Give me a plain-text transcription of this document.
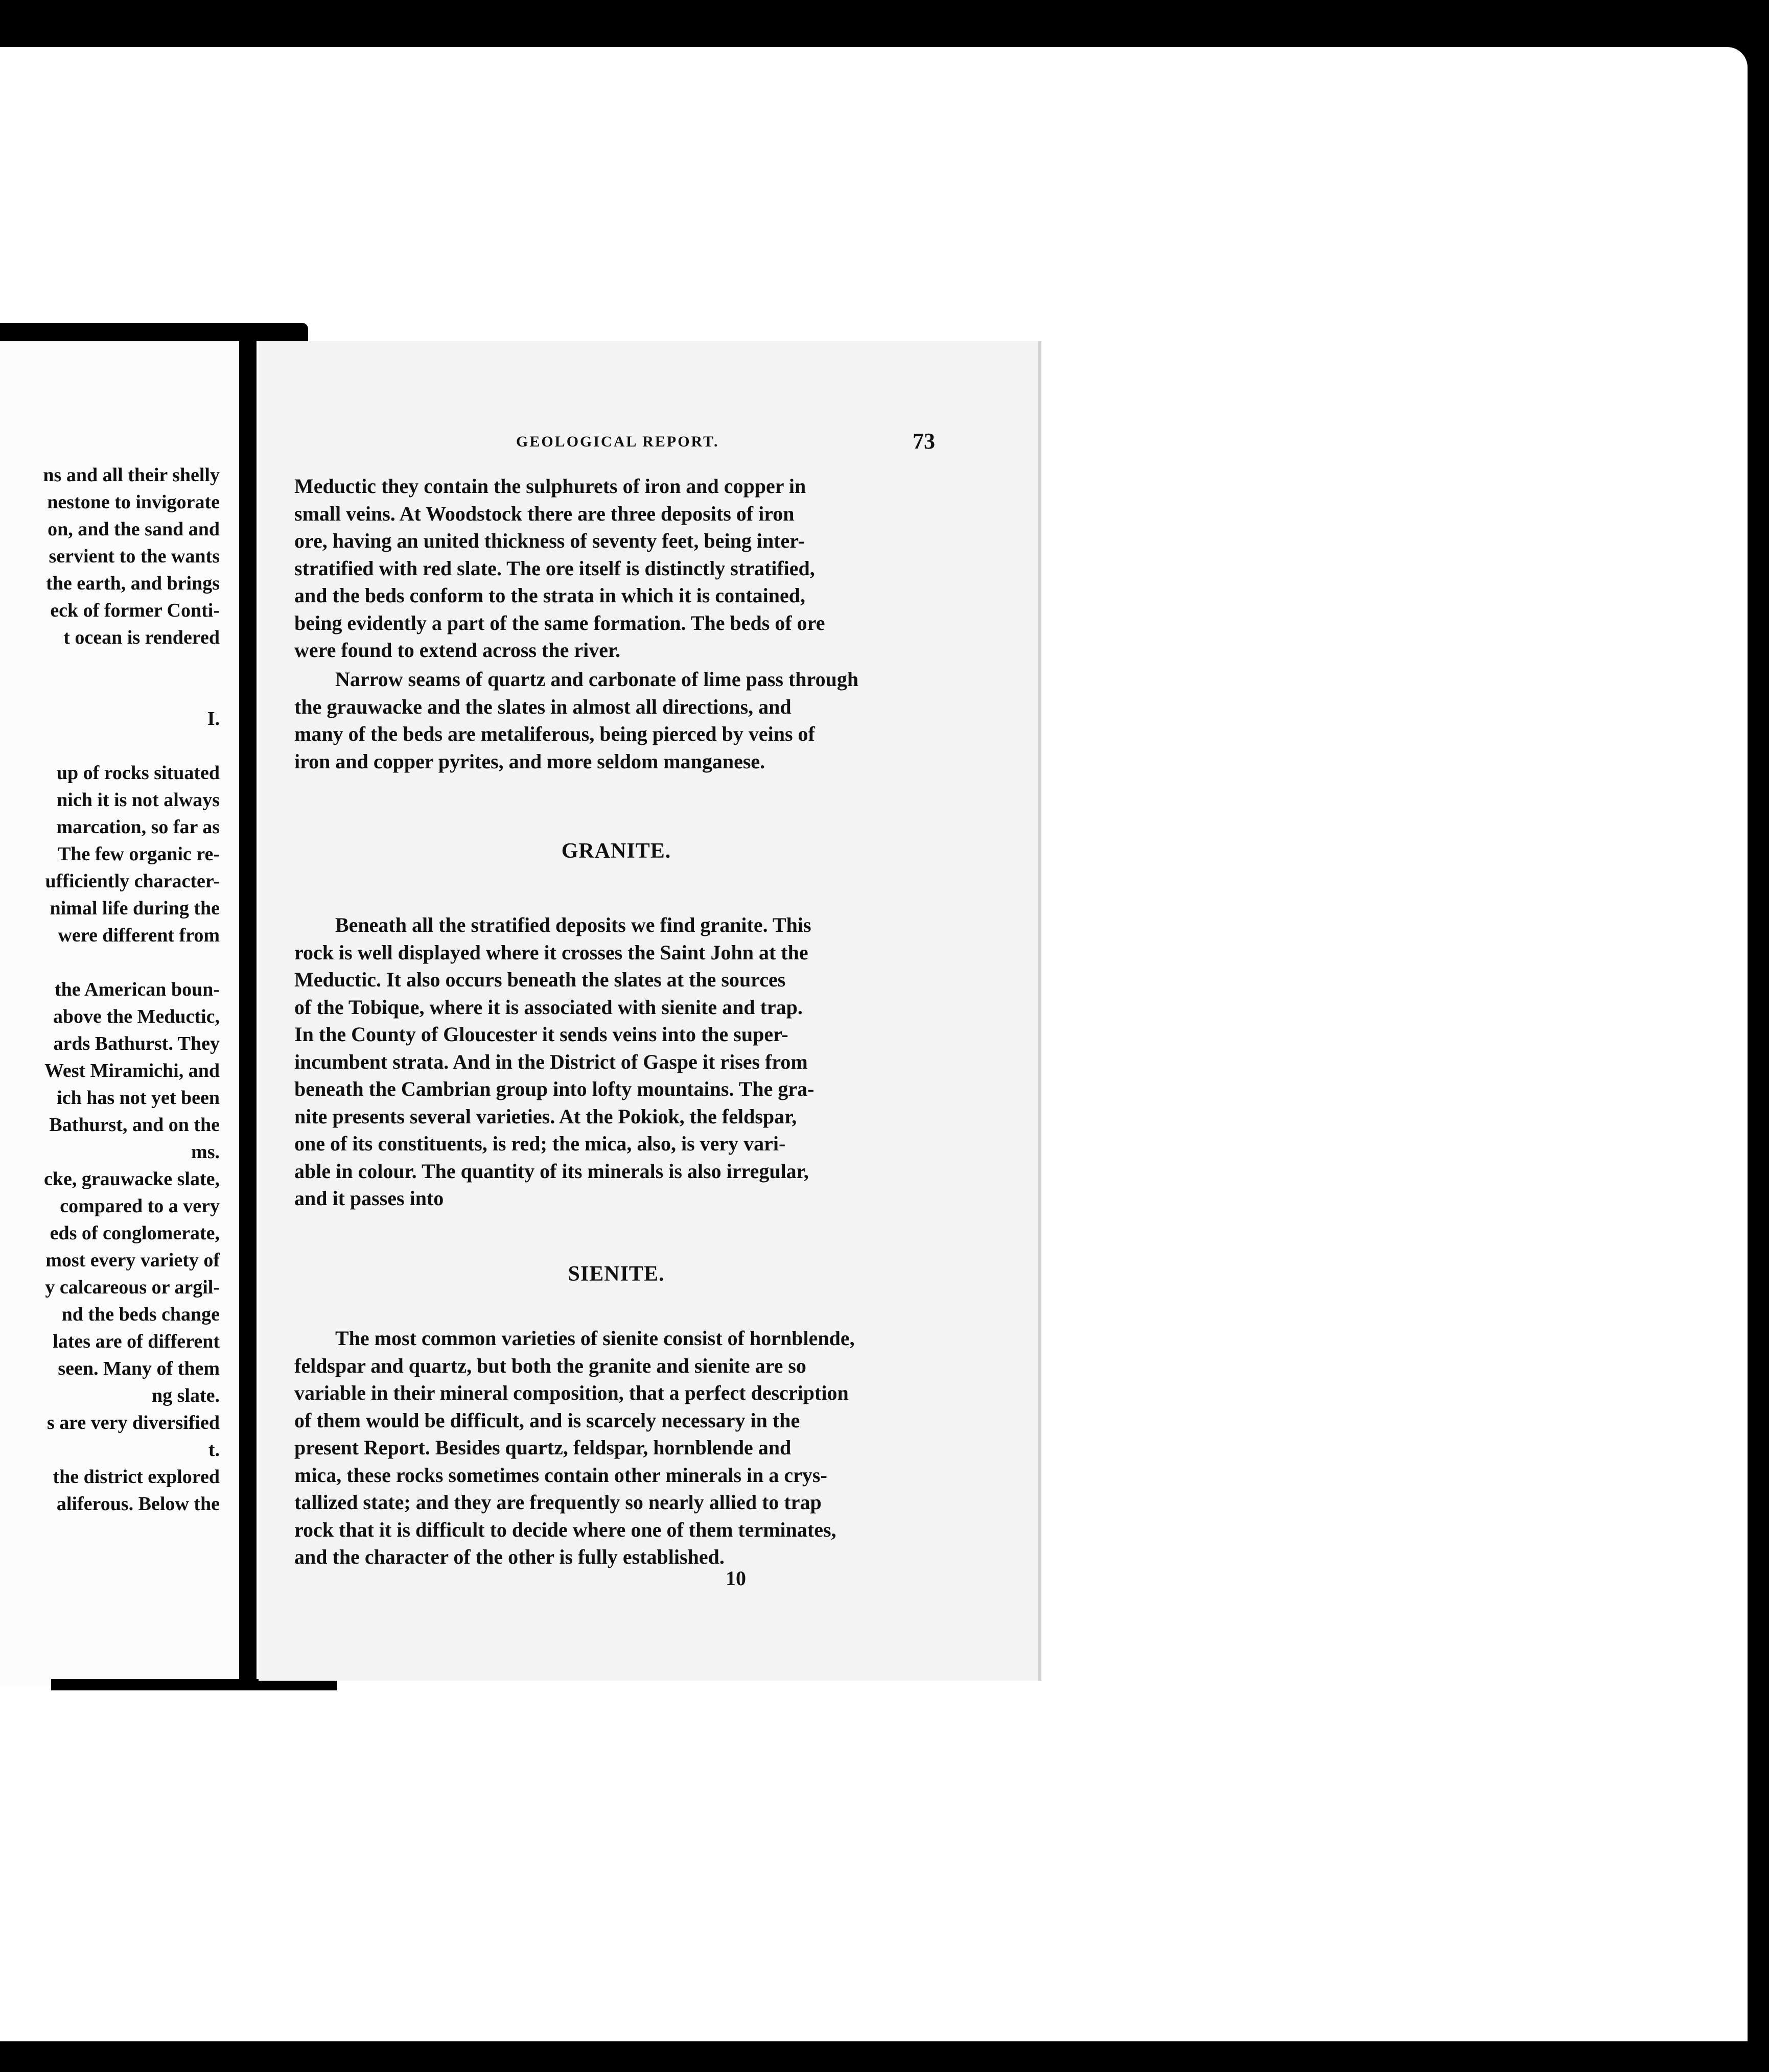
ns and all their shelly
nestone to invigorate
on, and the sand and
servient to the wants
the earth, and brings
eck of former Conti-
t ocean is rendered
I.
up of rocks situated
nich it is not always
marcation, so far as
The few organic re-
ufficiently character-
nimal life during the
were different from
the American boun-
above the Meductic,
ards Bathurst. They
West Miramichi, and
ich has not yet been
Bathurst, and on the
ms.
cke, grauwacke slate,
compared to a very
eds of conglomerate,
most every variety of
y calcareous or argil-
nd the beds change
lates are of different
seen. Many of them
ng slate.
s are very diversified
t.
the district explored
aliferous. Below the
GEOLOGICAL REPORT.	73
Meductic they contain the sulphurets of iron and copper in
small veins. At Woodstock there are three deposits of iron
ore, having an united thickness of seventy feet, being inter-
stratified with red slate. The ore itself is distinctly stratified,
and the beds conform to the strata in which it is contained,
being evidently a part of the same formation. The beds of ore
were found to extend across the river.
Narrow seams of quartz and carbonate of lime pass through
the grauwacke and the slates in almost all directions, and
many of the beds are metaliferous, being pierced by veins of
iron and copper pyrites, and more seldom manganese.
GRANITE.
Beneath all the stratified deposits we find granite. This
rock is well displayed where it crosses the Saint John at the
Meductic. It also occurs beneath the slates at the sources
of the Tobique, where it is associated with sienite and trap.
In the County of Gloucester it sends veins into the super-
incumbent strata. And in the District of Gaspe it rises from
beneath the Cambrian group into lofty mountains. The gra-
nite presents several varieties. At the Pokiok, the feldspar,
one of its constituents, is red; the mica, also, is very vari-
able in colour. The quantity of its minerals is also irregular,
and it passes into
SIENITE.
The most common varieties of sienite consist of hornblende,
feldspar and quartz, but both the granite and sienite are so
variable in their mineral composition, that a perfect description
of them would be difficult, and is scarcely necessary in the
present Report. Besides quartz, feldspar, hornblende and
mica, these rocks sometimes contain other minerals in a crys-
tallized state; and they are frequently so nearly allied to trap
rock that it is difficult to decide where one of them terminates,
and the character of the other is fully established.
10
